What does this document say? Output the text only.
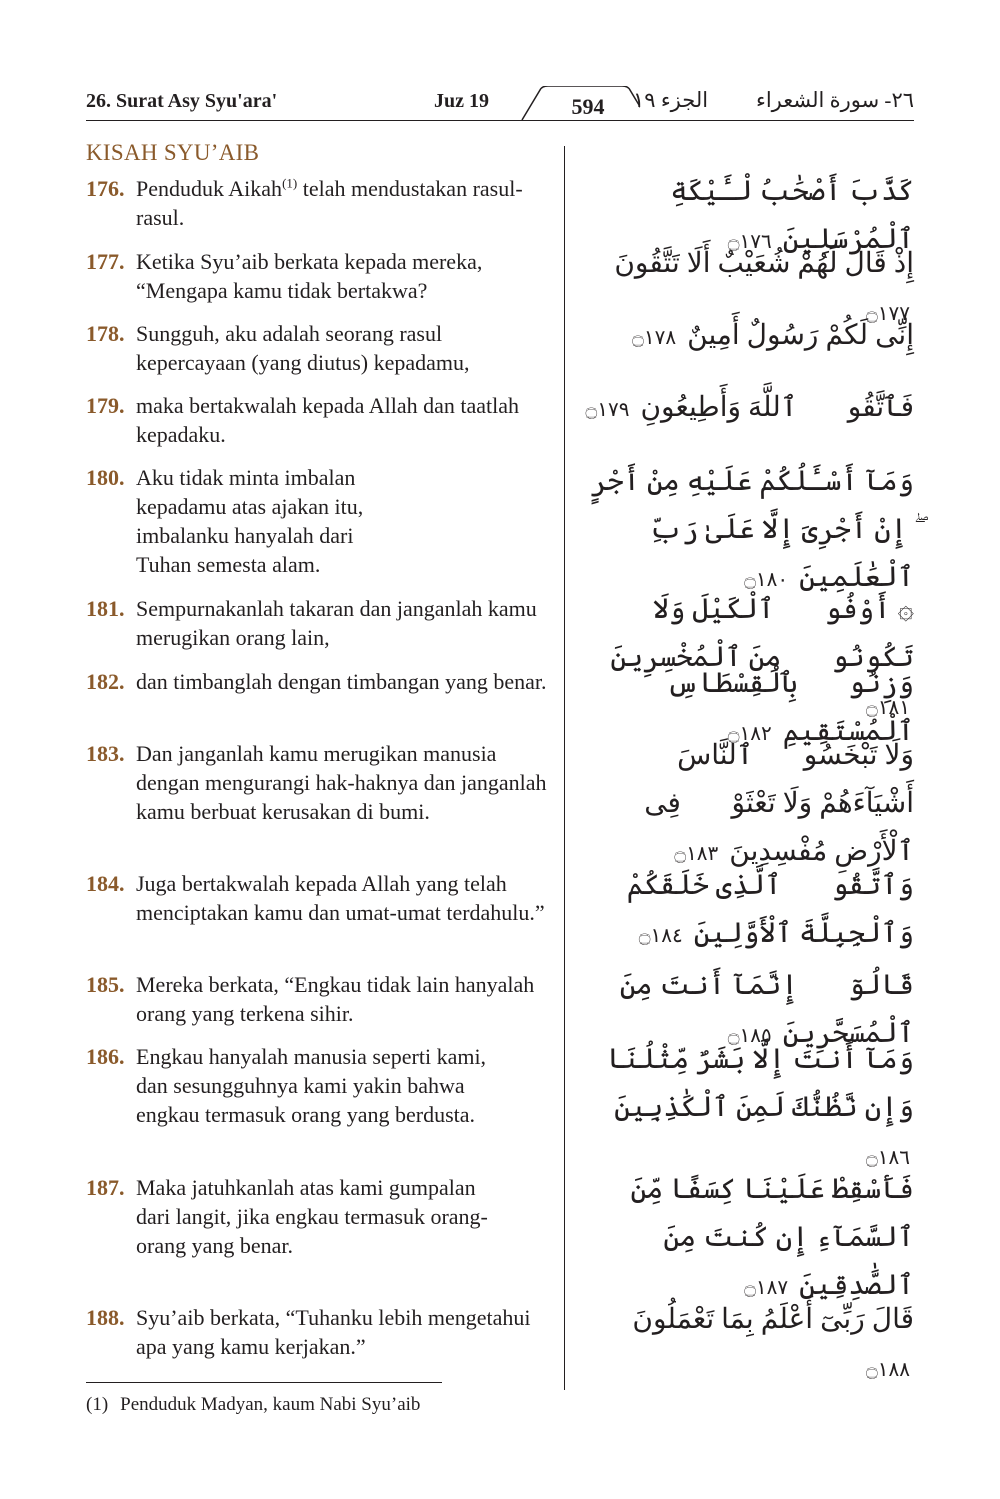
26. Surat Asy Syu'ara'	Juz 19	594	الجزء ١٩ ٢٦- سورة الشعراء
KISAH SYU’AIB
176. Penduduk Aikah$^{(1)}$ telah mendustakan rasul-rasul.
كَذَّبَ أَصْحَٰبُ لْـَٔيْكَةِ ٱلْمُرْسَلِينَ ۝١٧٦
177. Ketika Syu’aib berkata kepada mereka, “Mengapa kamu tidak bertakwa?
إِذْ قَالَ لَهُمْ شُعَيْبٌ أَلَا تَتَّقُونَ ۝١٧٧
178. Sungguh, aku adalah seorang rasul kepercayaan (yang diutus) kepadamu,
إِنِّى لَكُمْ رَسُولٌ أَمِينٌ ۝١٧٨
179. maka bertakwalah kepada Allah dan taatlah kepadaku.
فَٱتَّقُوا۟ ٱللَّهَ وَأَطِيعُونِ ۝١٧٩
180. Aku tidak minta imbalan kepadamu atas ajakan itu, imbalanku hanyalah dari Tuhan semesta alam.
وَمَآ أَسْـَٔلُكُمْ عَلَيْهِ مِنْ أَجْرٍ ۖ إِنْ أَجْرِىَ إِلَّا عَلَىٰ رَبِّ ٱلْعَٰلَمِينَ ۝١٨٠
181. Sempurnakanlah takaran dan janganlah kamu merugikan orang lain,
۞ أَوْفُوا۟ ٱلْكَيْلَ وَلَا تَكُونُوا۟ مِنَ ٱلْمُخْسِرِينَ ۝١٨١
182. dan timbanglah dengan timbangan yang benar.	وَزِنُوا۟ بِٱلْقِسْطَاسِ ٱلْمُسْتَقِيمِ ۝١٨٢
183. Dan janganlah kamu merugikan manusia dengan mengurangi hak-haknya dan janganlah kamu berbuat kerusakan di bumi.
وَلَا تَبْخَسُوا۟ ٱلنَّاسَ أَشْيَآءَهُمْ وَلَا تَعْثَوْا۟ فِى ٱلْأَرْضِ مُفْسِدِينَ ۝١٨٣
184. Juga bertakwalah kepada Allah yang telah menciptakan kamu dan umat-umat terdahulu.”
وَٱتَّقُوا۟ ٱلَّذِى خَلَقَكُمْ وَٱلْجِبِلَّةَ ٱلْأَوَّلِينَ ۝١٨٤
185. Mereka berkata, “Engkau tidak lain hanyalah orang yang terkena sihir.
قَالُوٓا۟ إِنَّمَآ أَنتَ مِنَ ٱلْمُسَحَّرِينَ ۝١٨٥
186. Engkau hanyalah manusia seperti kami, dan sesungguhnya kami yakin bahwa engkau termasuk orang yang berdusta.
وَمَآ أَنتَ إِلَّا بَشَرٌ مِّثْلُنَا وَإِن نَّظُنُّكَ لَمِنَ ٱلْكَٰذِبِينَ ۝١٨٦
187. Maka jatuhkanlah atas kami gumpalan dari langit, jika engkau termasuk orang-orang yang benar.
فَأَسْقِطْ عَلَيْنَا كِسَفًا مِّنَ ٱلسَّمَآءِ إِن كُنتَ مِنَ ٱلصَّٰدِقِينَ ۝١٨٧
188. Syu’aib berkata, “Tuhanku lebih mengetahui apa yang kamu kerjakan.”
قَالَ رَبِّىٓ أَعْلَمُ بِمَا تَعْمَلُونَ ۝١٨٨
(1) Penduduk Madyan, kaum Nabi Syu’aib
